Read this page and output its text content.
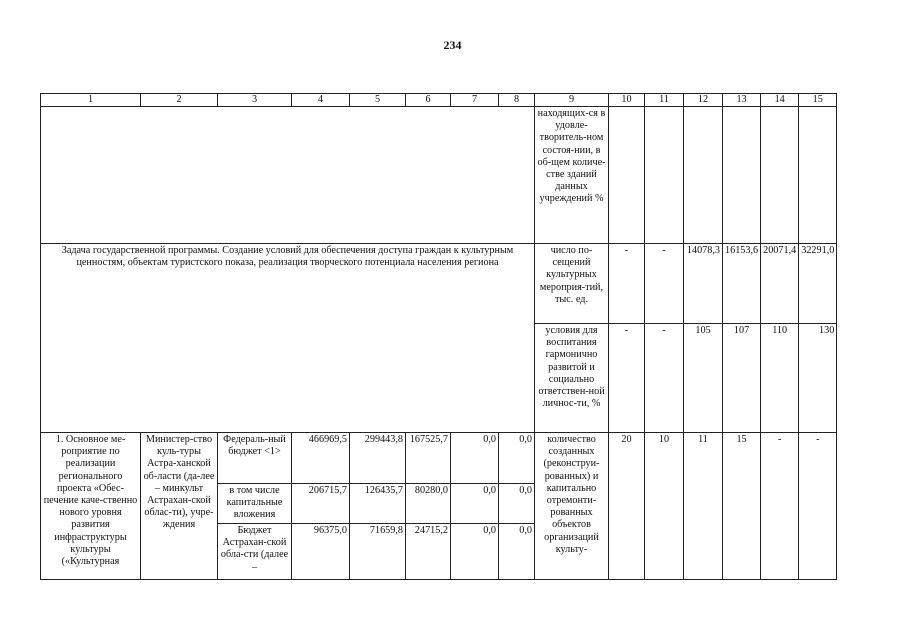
234
1	2	3	4	5	6	7	8	9	10	11	12	13	14	15
								находящих-ся в удовле-творитель-ном состоя-нии, в об-щем количе-стве зданий данных учреждений %						
Задача государственной программы. Создание условий для обеспечения доступа граждан к культурным ценностям, объектам туристского показа, реализация творческого потенциала населения региона								число по-сещений культурных мероприя-тий, тыс. ед.	-	-	14078,3	16153,6	20071,4	32291,0
								условия для воспитания гармонично развитой и социально ответствен-ной личнос-ти, %	-	-	105	107	110	130
1. Основное ме-роприятие по реализации регионального проекта «Обес-печение каче-ственно нового уровня развития инфраструктуры культуры («Культурная	Министер-ство куль-туры Астра-ханской об-ласти (да-лее – минкульт Астрахан-ской облас-ти), учре-ждения	Федераль-ный бюджет <1>	466969,5	299443,8	167525,7	0,0	0,0	количество созданных (реконструи-рованных) и капитально отремонти-рованных объектов организаций культу-	20	10	11	15	-	-
		в том числе капитальные вложения	206715,7	126435,7	80280,0	0,0	0,0							
		Бюджет Астрахан-ской обла-сти (далее –	96375,0	71659,8	24715,2	0,0	0,0							
